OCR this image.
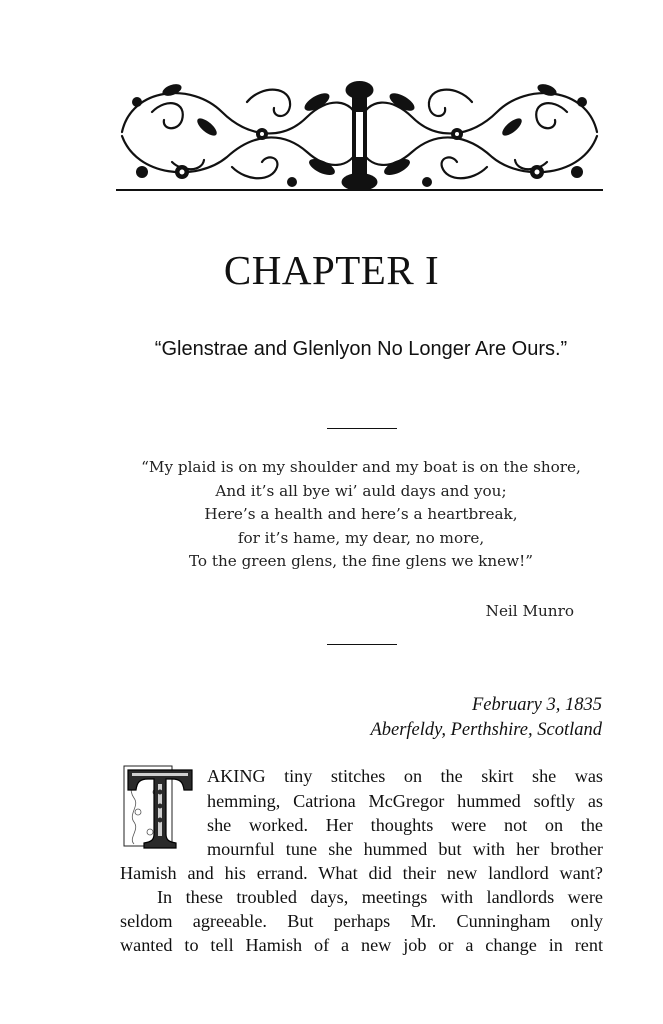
CHAPTER I
“Glenstrae and Glenlyon No Longer Are Ours.”
“My plaid is on my shoulder and my boat is on the shore,
And it’s all bye wi’ auld days and you;
Here’s a health and here’s a heartbreak,
for it’s hame, my dear, no more,
To the green glens, the fine glens we knew!”
Neil Munro
February 3, 1835
Aberfeldy, Perthshire, Scotland
AKING tiny stitches on the skirt she was
hemming, Catriona McGregor hummed softly as
she worked. Her thoughts were not on the
mournful tune she hummed but with her brother
Hamish and his errand. What did their new landlord want?
In these troubled days, meetings with landlords were
seldom agreeable. But perhaps Mr. Cunningham only
wanted to tell Hamish of a new job or a change in rent
